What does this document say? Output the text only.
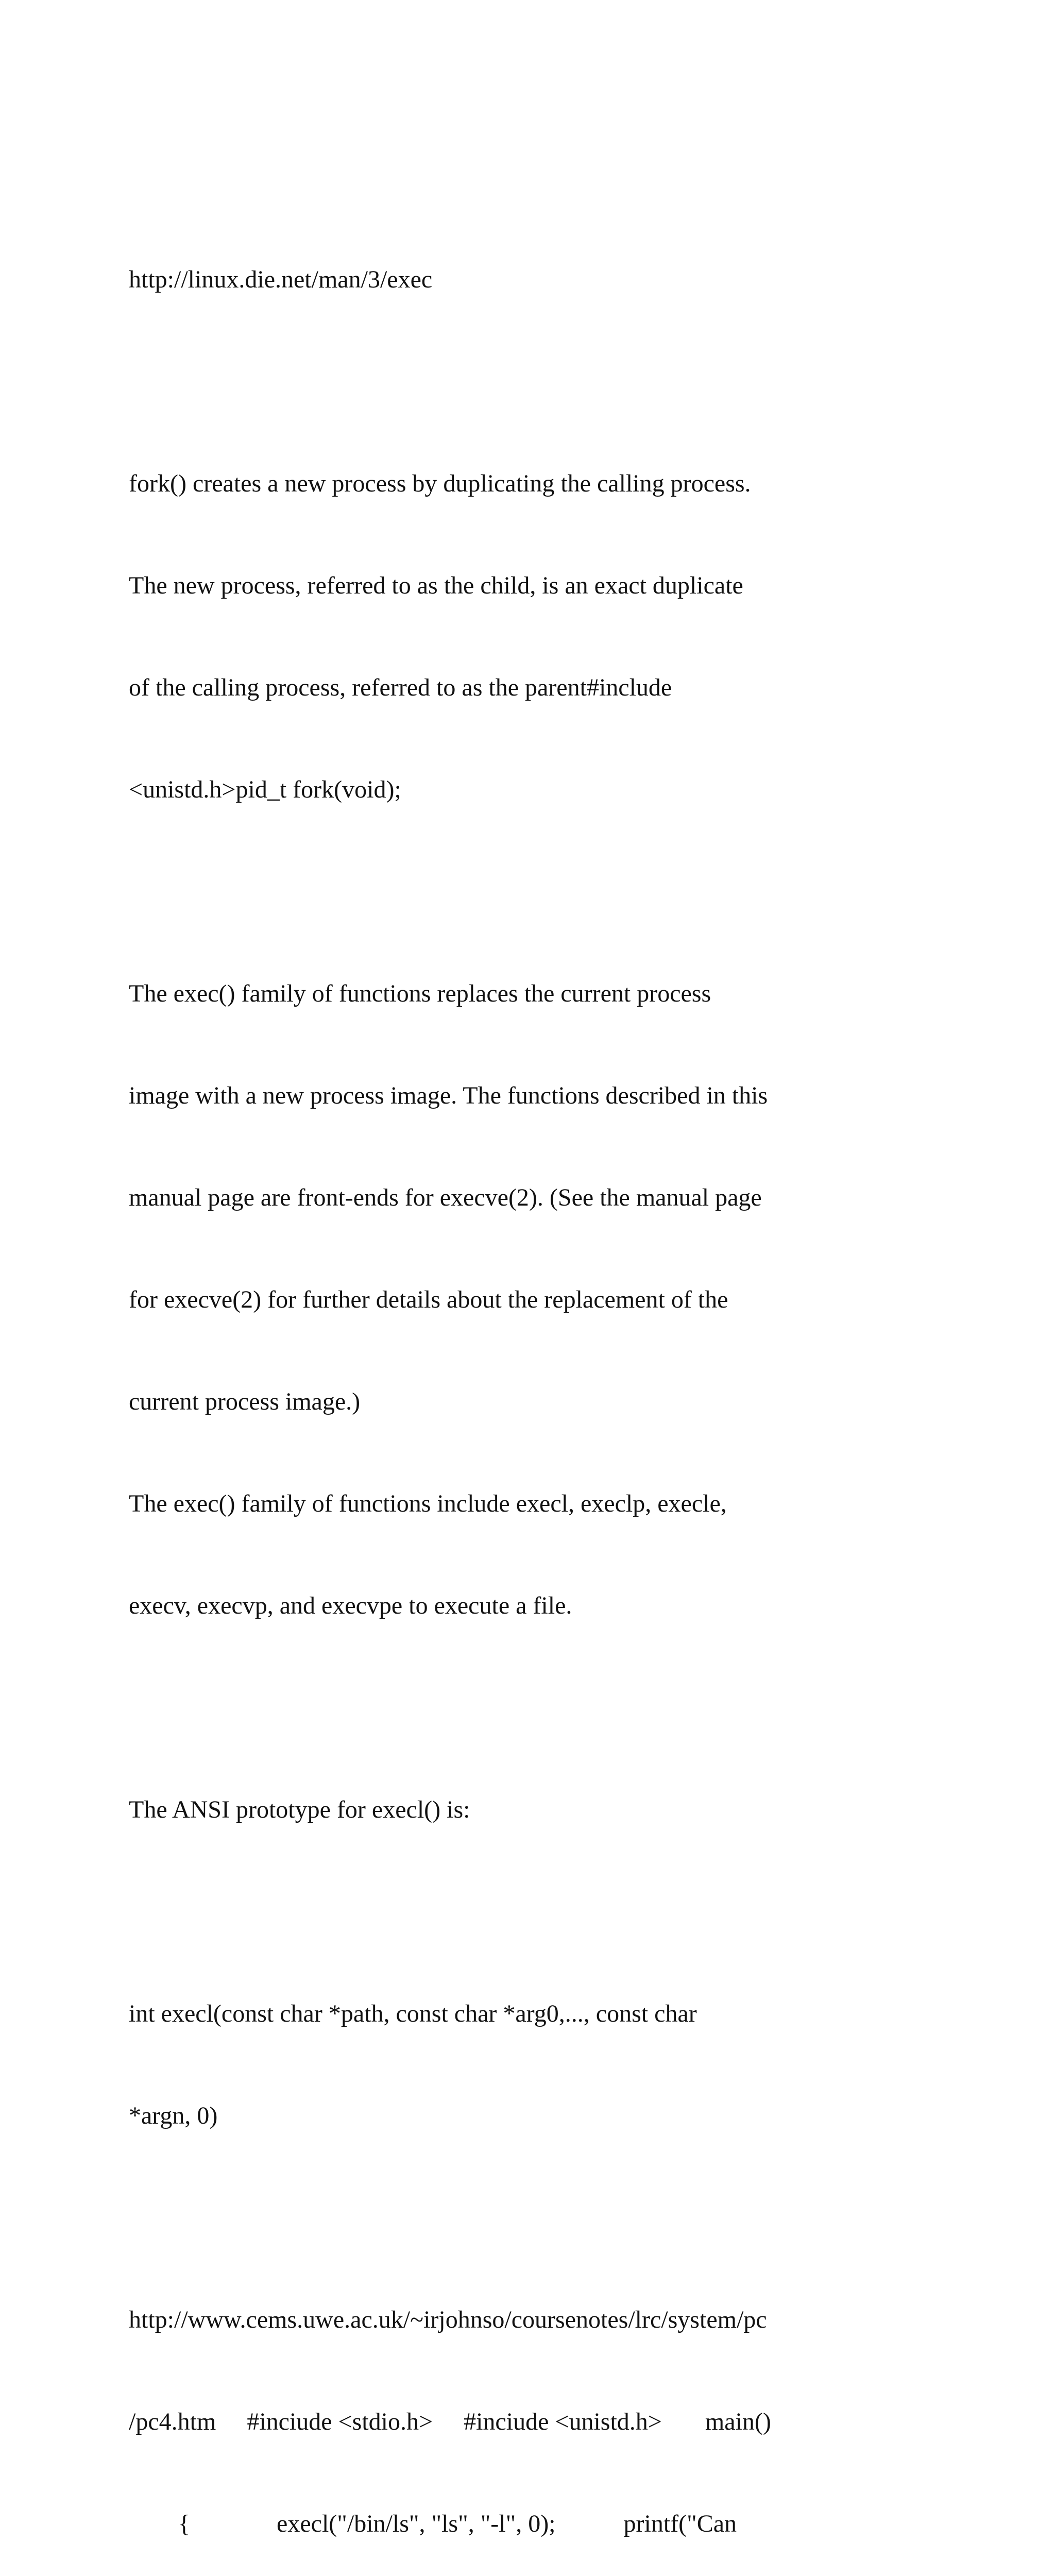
http://linux.die.net/man/3/exec

fork() creates a new process by duplicating the calling process.

The new process, referred to as the child, is an exact duplicate

of the calling process, referred to as the parent#include

<unistd.h>pid_t fork(void);

The exec() family of functions replaces the current process

image with a new process image. The functions described in this

manual page are front-ends for execve(2). (See the manual page

for execve(2) for further details about the replacement of the

current process image.)

The exec() family of functions include execl, execlp, execle,

execv, execvp, and execvpe to execute a file.

The ANSI prototype for execl() is:

int execl(const char *path, const char *arg0,..., const char

*argn, 0)

http://www.cems.uwe.ac.uk/~irjohnso/coursenotes/lrc/system/pc

/pc4.htm     #inciude <stdio.h>     #inciude <unistd.h>       main()

{              execl("/bin/ls", "ls", "-l", 0);           printf("Can
